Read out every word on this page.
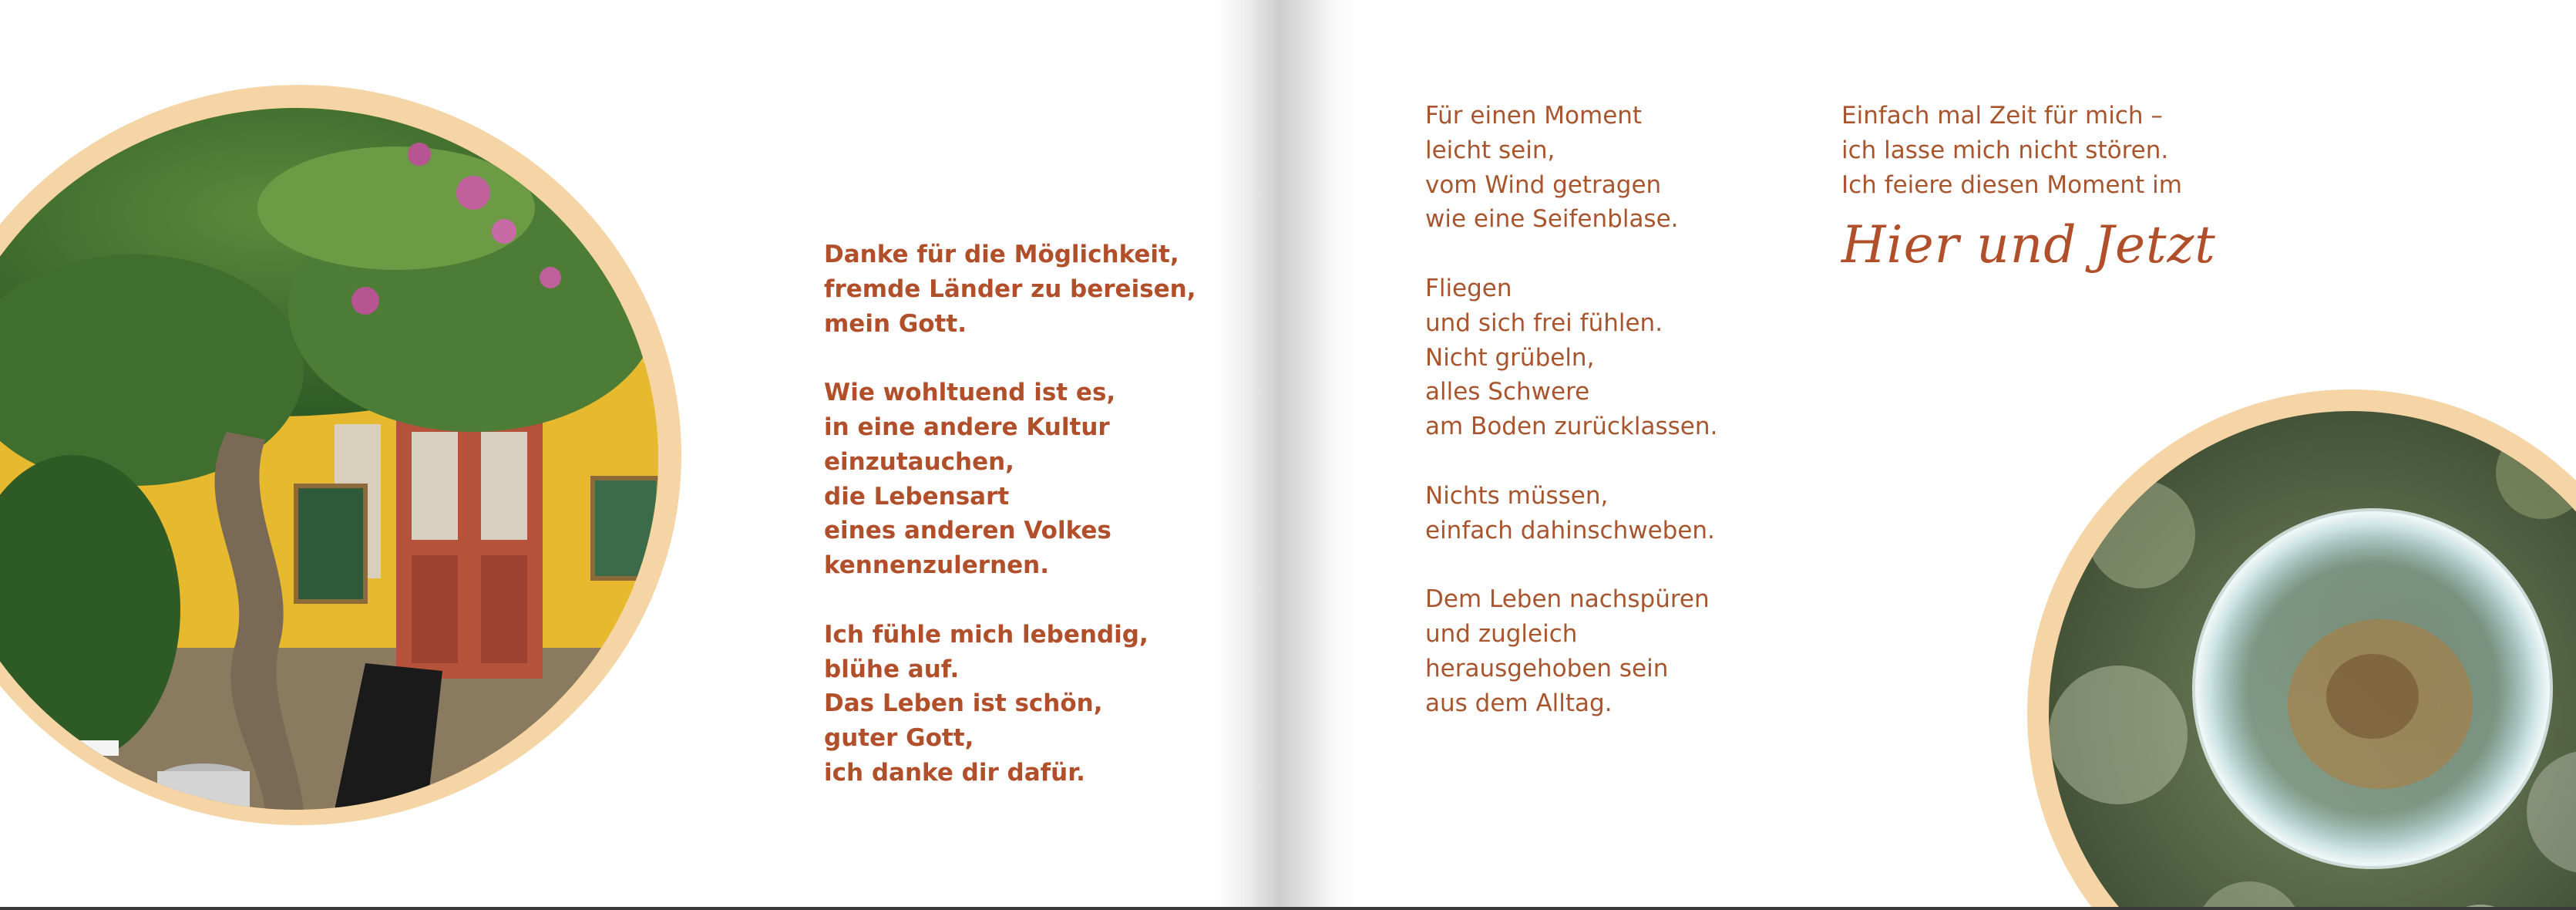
Danke für die Möglichkeit,
fremde Länder zu bereisen,
mein Gott.
Wie wohltuend ist es,
in eine andere Kultur
einzutauchen,
die Lebensart
eines anderen Volkes
kennenzulernen.
Ich fühle mich lebendig,
blühe auf.
Das Leben ist schön,
guter Gott,
ich danke dir dafür.
Für einen Moment
leicht sein,
vom Wind getragen
wie eine Seifenblase.
Fliegen
und sich frei fühlen.
Nicht grübeln,
alles Schwere
am Boden zurücklassen.
Nichts müssen,
einfach dahinschweben.
Dem Leben nachspüren
und zugleich
herausgehoben sein
aus dem Alltag.
Einfach mal Zeit für mich –
ich lasse mich nicht stören.
Ich feiere diesen Moment im
Hier und Jetzt
